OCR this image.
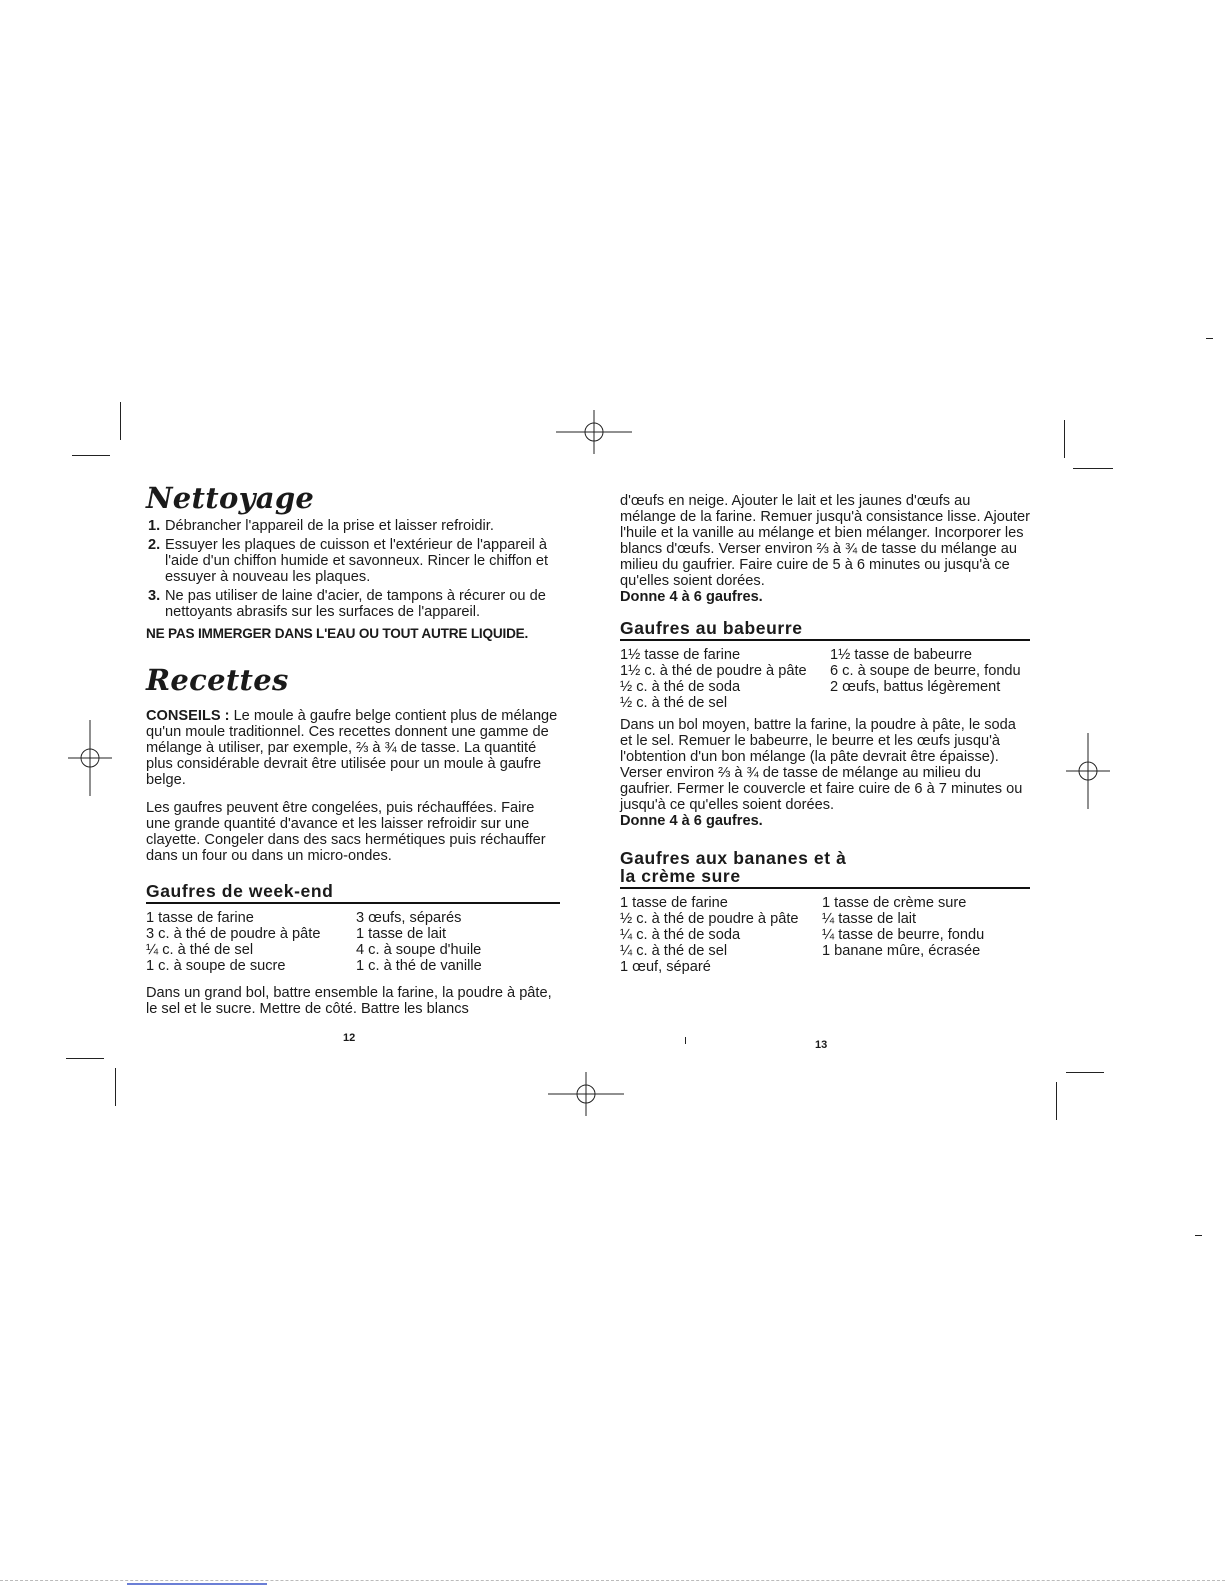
Nettoyage
1. Débrancher l'appareil de la prise et laisser refroidir.
2. Essuyer les plaques de cuisson et l'extérieur de l'appareil à l'aide d'un chiffon humide et savonneux. Rincer le chiffon et essuyer à nouveau les plaques.
3. Ne pas utiliser de laine d'acier, de tampons à récurer ou de nettoyants abrasifs sur les surfaces de l'appareil.
NE PAS IMMERGER DANS L'EAU OU TOUT AUTRE LIQUIDE.
Recettes

CONSEILS : Le moule à gaufre belge contient plus de mélange qu'un moule traditionnel. Ces recettes donnent une gamme de mélange à utiliser, par exemple, ⅔ à ¾ de tasse. La quantité plus considérable devrait être utilisée pour un moule à gaufre belge.

Les gaufres peuvent être congelées, puis réchauffées. Faire une grande quantité d'avance et les laisser refroidir sur une clayette. Congeler dans des sacs hermétiques puis réchauffer dans un four ou dans un micro-ondes.

Gaufres de week-end
1 tasse de farine
3 c. à thé de poudre à pâte
¼ c. à thé de sel
1 c. à soupe de sucre
3 œufs, séparés
1 tasse de lait
4 c. à soupe d'huile
1 c. à thé de vanille

Dans un grand bol, battre ensemble la farine, la poudre à pâte, le sel et le sucre. Mettre de côté. Battre les blancs

12

d'œufs en neige. Ajouter le lait et les jaunes d'œufs au mélange de la farine. Remuer jusqu'à consistance lisse. Ajouter l'huile et la vanille au mélange et bien mélanger. Incorporer les blancs d'œufs. Verser environ ⅔ à ¾ de tasse du mélange au milieu du gaufrier. Faire cuire de 5 à 6 minutes ou jusqu'à ce qu'elles soient dorées.

Donne 4 à 6 gaufres.

Gaufres au babeurre
1½ tasse de farine
1½ c. à thé de poudre à pâte
½ c. à thé de soda
½ c. à thé de sel
1½ tasse de babeurre
6 c. à soupe de beurre, fondu
2 œufs, battus légèrement

Dans un bol moyen, battre la farine, la poudre à pâte, le soda et le sel. Remuer le babeurre, le beurre et les œufs jusqu'à l'obtention d'un bon mélange (la pâte devrait être épaisse). Verser environ ⅔ à ¾ de tasse de mélange au milieu du gaufrier. Fermer le couvercle et faire cuire de 6 à 7 minutes ou jusqu'à ce qu'elles soient dorées.

Donne 4 à 6 gaufres.

Gaufres aux bananes et à
la crème sure
1 tasse de farine
½ c. à thé de poudre à pâte
¼ c. à thé de soda
¼ c. à thé de sel
1 œuf, séparé
1 tasse de crème sure
¼ tasse de lait
¼ tasse de beurre, fondu
1 banane mûre, écrasée
13
